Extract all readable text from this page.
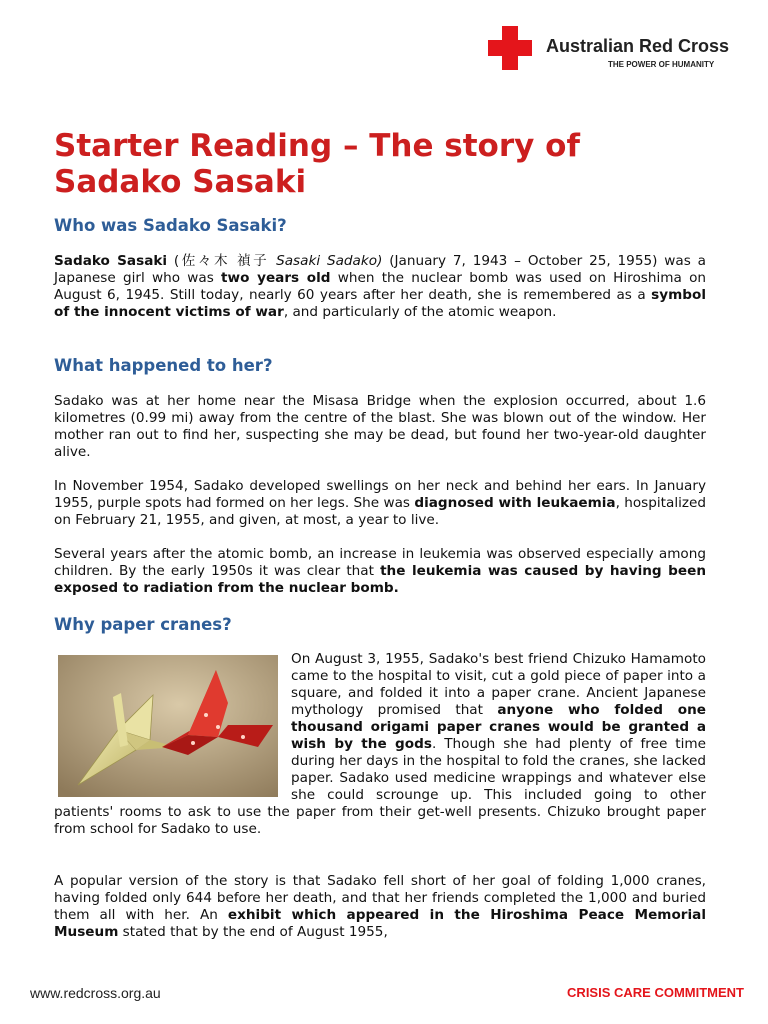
Australian Red Cross
THE POWER OF HUMANITY
Starter Reading – The story of Sadako Sasaki
Who was Sadako Sasaki?

Sadako Sasaki (佐々木 禎子 Sasaki Sadako) (January 7, 1943 – October 25, 1955) was a Japanese girl who was two years old when the nuclear bomb was used on Hiroshima on August 6, 1945. Still today, nearly 60 years after her death, she is remembered as a symbol of the innocent victims of war, and particularly of the atomic weapon.

What happened to her?

Sadako was at her home near the Misasa Bridge when the explosion occurred, about 1.6 kilometres (0.99 mi) away from the centre of the blast. She was blown out of the window. Her mother ran out to find her, suspecting she may be dead, but found her two-year-old daughter alive.

In November 1954, Sadako developed swellings on her neck and behind her ears. In January 1955, purple spots had formed on her legs. She was diagnosed with leukaemia, hospitalized on February 21, 1955, and given, at most, a year to live.

Several years after the atomic bomb, an increase in leukemia was observed especially among children. By the early 1950s it was clear that the leukemia was caused by having been exposed to radiation from the nuclear bomb.

Why paper cranes?
On August 3, 1955, Sadako's best friend Chizuko Hamamoto came to the hospital to visit, cut a gold piece of paper into a square, and folded it into a paper crane. Ancient Japanese mythology promised that anyone who folded one thousand origami paper cranes would be granted a wish by the gods. Though she had plenty of free time during her days in the hospital to fold the cranes, she lacked paper. Sadako used medicine wrappings and whatever else she could scrounge up. This included going to other patients' rooms to ask to use the paper from their get-well presents. Chizuko brought paper from school for Sadako to use.

A popular version of the story is that Sadako fell short of her goal of folding 1,000 cranes, having folded only 644 before her death, and that her friends completed the 1,000 and buried them all with her. An exhibit which appeared in the Hiroshima Peace Memorial Museum stated that by the end of August 1955,

www.redcross.org.au	CRISIS CARE COMMITMENT
